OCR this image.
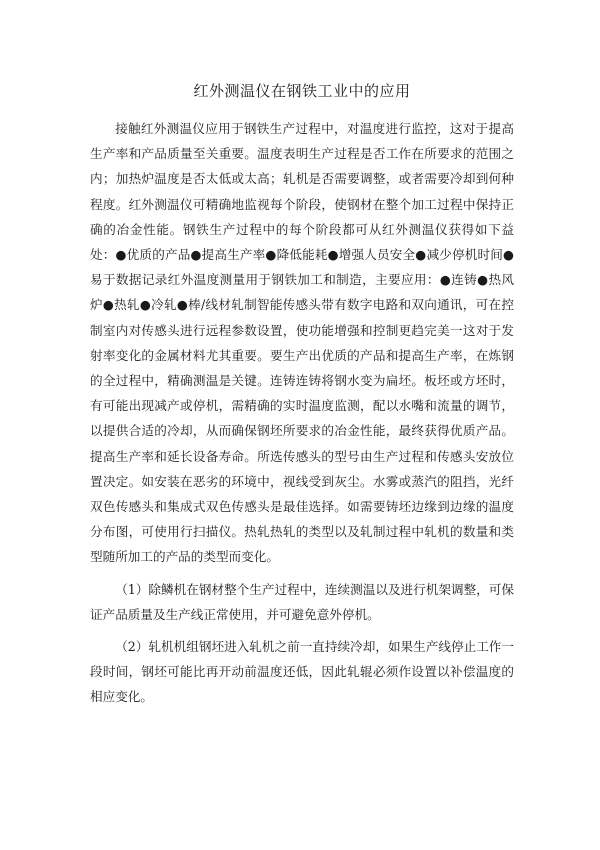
红外测温仪在钢铁工业中的应用

接触红外测温仪应用于钢铁生产过程中，对温度进行监控，这对于提高生产率和产品质量至关重要。温度表明生产过程是否工作在所要求的范围之内；加热炉温度是否太低或太高；轧机是否需要调整，或者需要冷却到何种程度。红外测温仪可精确地监视每个阶段，使钢材在整个加工过程中保持正确的冶金性能。钢铁生产过程中的每个阶段都可从红外测温仪获得如下益处：●优质的产品●提高生产率●降低能耗●增强人员安全●减少停机时间●易于数据记录红外温度测量用于钢铁加工和制造，主要应用：●连铸●热风炉●热轧●冷轧●棒/线材轧制智能传感头带有数字电路和双向通讯，可在控制室内对传感头进行远程参数设置，使功能增强和控制更趋完美一这对于发射率变化的金属材料尤其重要。要生产出优质的产品和提高生产率，在炼钢的全过程中，精确测温是关键。连铸连铸将钢水变为扁坯。板坯或方坯时，有可能出现减产或停机，需精确的实时温度监测，配以水嘴和流量的调节，以提供合适的冷却，从而确保钢坯所要求的冶金性能，最终获得优质产品。提高生产率和延长设备寿命。所选传感头的型号由生产过程和传感头安放位置决定。如安装在恶劣的环境中，视线受到灰尘。水雾或蒸汽的阻挡，光纤双色传感头和集成式双色传感头是最佳选择。如需要铸坯边缘到边缘的温度分布图，可使用行扫描仪。热轧热轧的类型以及轧制过程中轧机的数量和类型随所加工的产品的类型而变化。

（1）除鳞机在钢材整个生产过程中，连续测温以及进行机架调整，可保证产品质量及生产线正常使用，并可避免意外停机。

（2）轧机机组钢坯进入轧机之前一直持续冷却，如果生产线停止工作一段时间，钢坯可能比再开动前温度还低，因此轧辊必须作设置以补偿温度的相应变化。
